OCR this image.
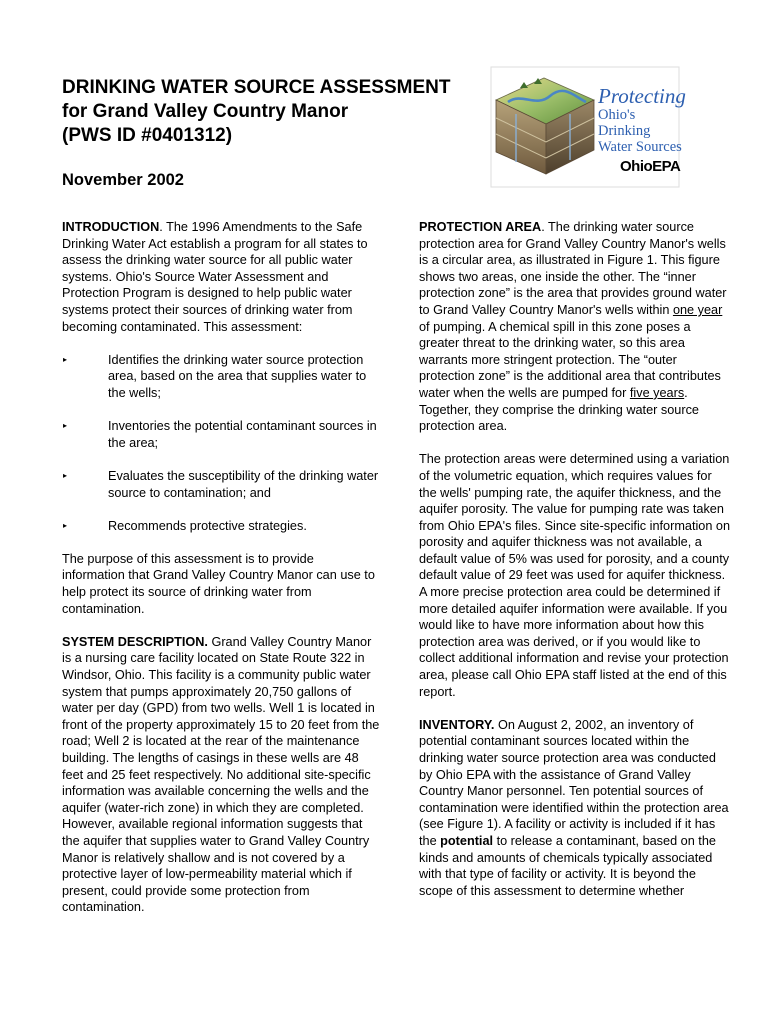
DRINKING WATER SOURCE ASSESSMENT

for Grand Valley Country Manor

(PWS ID #0401312)

November 2002

Protecting
Ohio's Drinking
Water Sources
OhioEPA

INTRODUCTION. The 1996 Amendments to the Safe Drinking Water Act establish a program for all states to assess the drinking water source for all public water systems. Ohio's Source Water Assessment and Protection Program is designed to help public water systems protect their sources of drinking water from becoming contaminated. This assessment:

▸	Identifies the drinking water source protection area, based on the area that supplies water to the wells;
▸	Inventories the potential contaminant sources in the area;
▸	Evaluates the susceptibility of the drinking water source to contamination; and
▸	Recommends protective strategies.

The purpose of this assessment is to provide information that Grand Valley Country Manor can use to help protect its source of drinking water from contamination.

SYSTEM DESCRIPTION. Grand Valley Country Manor is a nursing care facility located on State Route 322 in Windsor, Ohio. This facility is a community public water system that pumps approximately 20,750 gallons of water per day (GPD) from two wells. Well 1 is located in front of the property approximately 15 to 20 feet from the road; Well 2 is located at the rear of the maintenance building. The lengths of casings in these wells are 48 feet and 25 feet respectively. No additional site-specific information was available concerning the wells and the aquifer (water-rich zone) in which they are completed. However, available regional information suggests that the aquifer that supplies water to Grand Valley Country Manor is relatively shallow and is not covered by a protective layer of low-permeability material which if present, could provide some protection from contamination.

PROTECTION AREA. The drinking water source protection area for Grand Valley Country Manor's wells is a circular area, as illustrated in Figure 1. This figure shows two areas, one inside the other. The “inner protection zone” is the area that provides ground water to Grand Valley Country Manor's wells within one year of pumping. A chemical spill in this zone poses a greater threat to the drinking water, so this area warrants more stringent protection. The “outer protection zone” is the additional area that contributes water when the wells are pumped for five years. Together, they comprise the drinking water source protection area.

The protection areas were determined using a variation of the volumetric equation, which requires values for the wells' pumping rate, the aquifer thickness, and the aquifer porosity. The value for pumping rate was taken from Ohio EPA's files. Since site-specific information on porosity and aquifer thickness was not available, a default value of 5% was used for porosity, and a county default value of 29 feet was used for aquifer thickness. A more precise protection area could be determined if more detailed aquifer information were available. If you would like to have more information about how this protection area was derived, or if you would like to collect additional information and revise your protection area, please call Ohio EPA staff listed at the end of this report.

INVENTORY. On August 2, 2002, an inventory of potential contaminant sources located within the drinking water source protection area was conducted by Ohio EPA with the assistance of Grand Valley Country Manor personnel. Ten potential sources of contamination were identified within the protection area (see Figure 1). A facility or activity is included if it has the potential to release a contaminant, based on the kinds and amounts of chemicals typically associated with that type of facility or activity. It is beyond the scope of this assessment to determine whether
